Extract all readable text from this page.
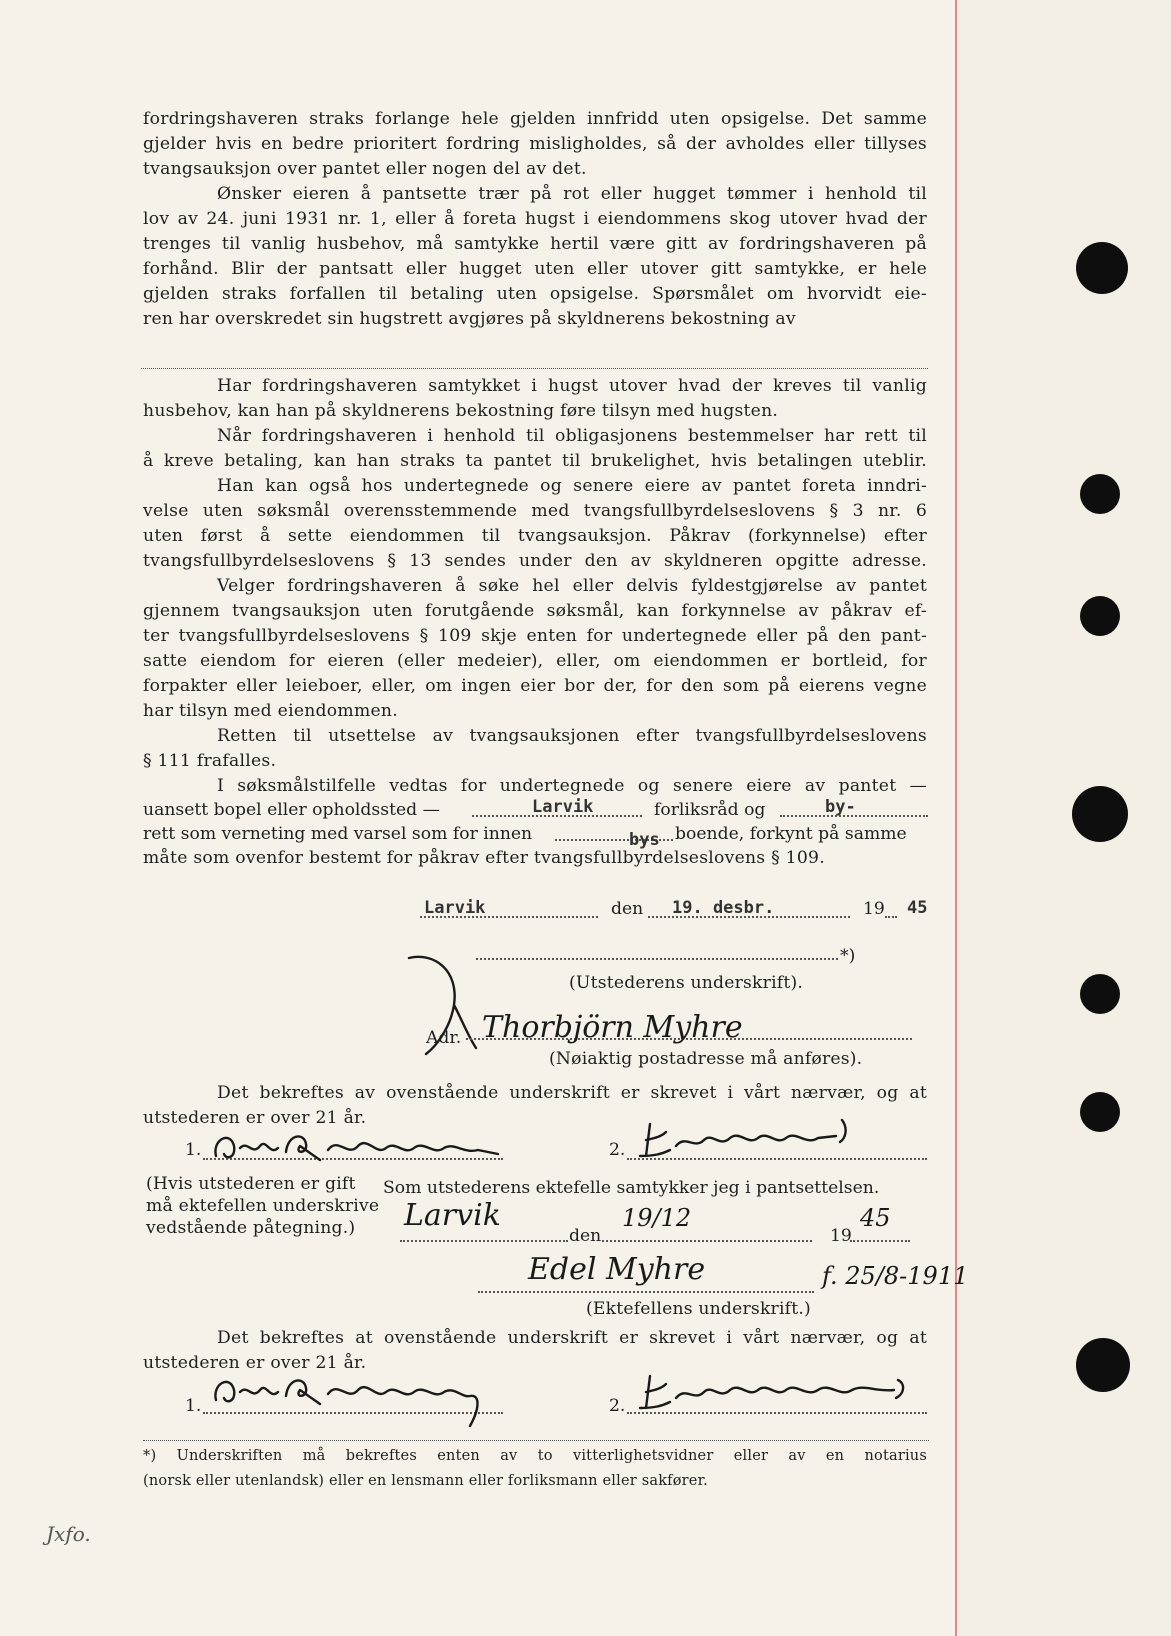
fordringshaveren straks forlange hele gjelden innfridd uten opsigelse. Det samme

gjelder hvis en bedre prioritert fordring misligholdes, så der avholdes eller tillyses

tvangsauksjon over pantet eller nogen del av det.

Ønsker eieren å pantsette trær på rot eller hugget tømmer i henhold til

lov av 24. juni 1931 nr. 1, eller å foreta hugst i eiendommens skog utover hvad der

trenges til vanlig husbehov, må samtykke hertil være gitt av fordringshaveren på

forhånd. Blir der pantsatt eller hugget uten eller utover gitt samtykke, er hele

gjelden straks forfallen til betaling uten opsigelse. Spørsmålet om hvorvidt eie-

ren har overskredet sin hugstrett avgjøres på skyldnerens bekostning av

Har fordringshaveren samtykket i hugst utover hvad der kreves til vanlig

husbehov, kan han på skyldnerens bekostning føre tilsyn med hugsten.

Når fordringshaveren i henhold til obligasjonens bestemmelser har rett til

å kreve betaling, kan han straks ta pantet til brukelighet, hvis betalingen uteblir.

Han kan også hos undertegnede og senere eiere av pantet foreta inndri-

velse uten søksmål overensstemmende med tvangsfullbyrdelseslovens § 3 nr. 6

uten først å sette eiendommen til tvangsauksjon. Påkrav (forkynnelse) efter

tvangsfullbyrdelseslovens § 13 sendes under den av skyldneren opgitte adresse.

Velger fordringshaveren å søke hel eller delvis fyldestgjørelse av pantet

gjennem tvangsauksjon uten forutgående søksmål, kan forkynnelse av påkrav ef-

ter tvangsfullbyrdelseslovens § 109 skje enten for undertegnede eller på den pant-

satte eiendom for eieren (eller medeier), eller, om eiendommen er bortleid, for

forpakter eller leieboer, eller, om ingen eier bor der, for den som på eierens vegne

har tilsyn med eiendommen.

Retten til utsettelse av tvangsauksjonen efter tvangsfullbyrdelseslovens

§ 111 frafalles.

I søksmålstilfelle vedtas for undertegnede og senere eiere av pantet —

uansett bopel eller opholdssted —	Larvik	forliksråd og	by-

rett som verneting med varsel som for innen	bys boende, forkynt på samme

måte som ovenfor bestemt for påkrav efter tvangsfullbyrdelseslovens § 109.

Larvik	den 19. desbr.	19 45
*)
(Utstederens underskrift).
Adr. Thorbjörn Myhre
(Nøiaktig postadresse må anføres).

Det bekreftes av ovenstående underskrift er skrevet i vårt nærvær, og at

utstederen er over 21 år.

1.	2.
(Hvis utstederen er gift
må ektefellen underskrive
vedstående påtegning.)
Som utstederens ektefelle samtykker jeg i pantsettelsen.
Larvik
den
19/12
19
45
Edel Myhre	f. 25/8-1911
(Ektefellens underskrift.)

Det bekreftes at ovenstående underskrift er skrevet i vårt nærvær, og at

utstederen er over 21 år.

1.	2.

*) Underskriften må bekreftes enten av to vitterlighetsvidner eller av en notarius

(norsk eller utenlandsk) eller en lensmann eller forliksmann eller sakfører.

Jxfo.
